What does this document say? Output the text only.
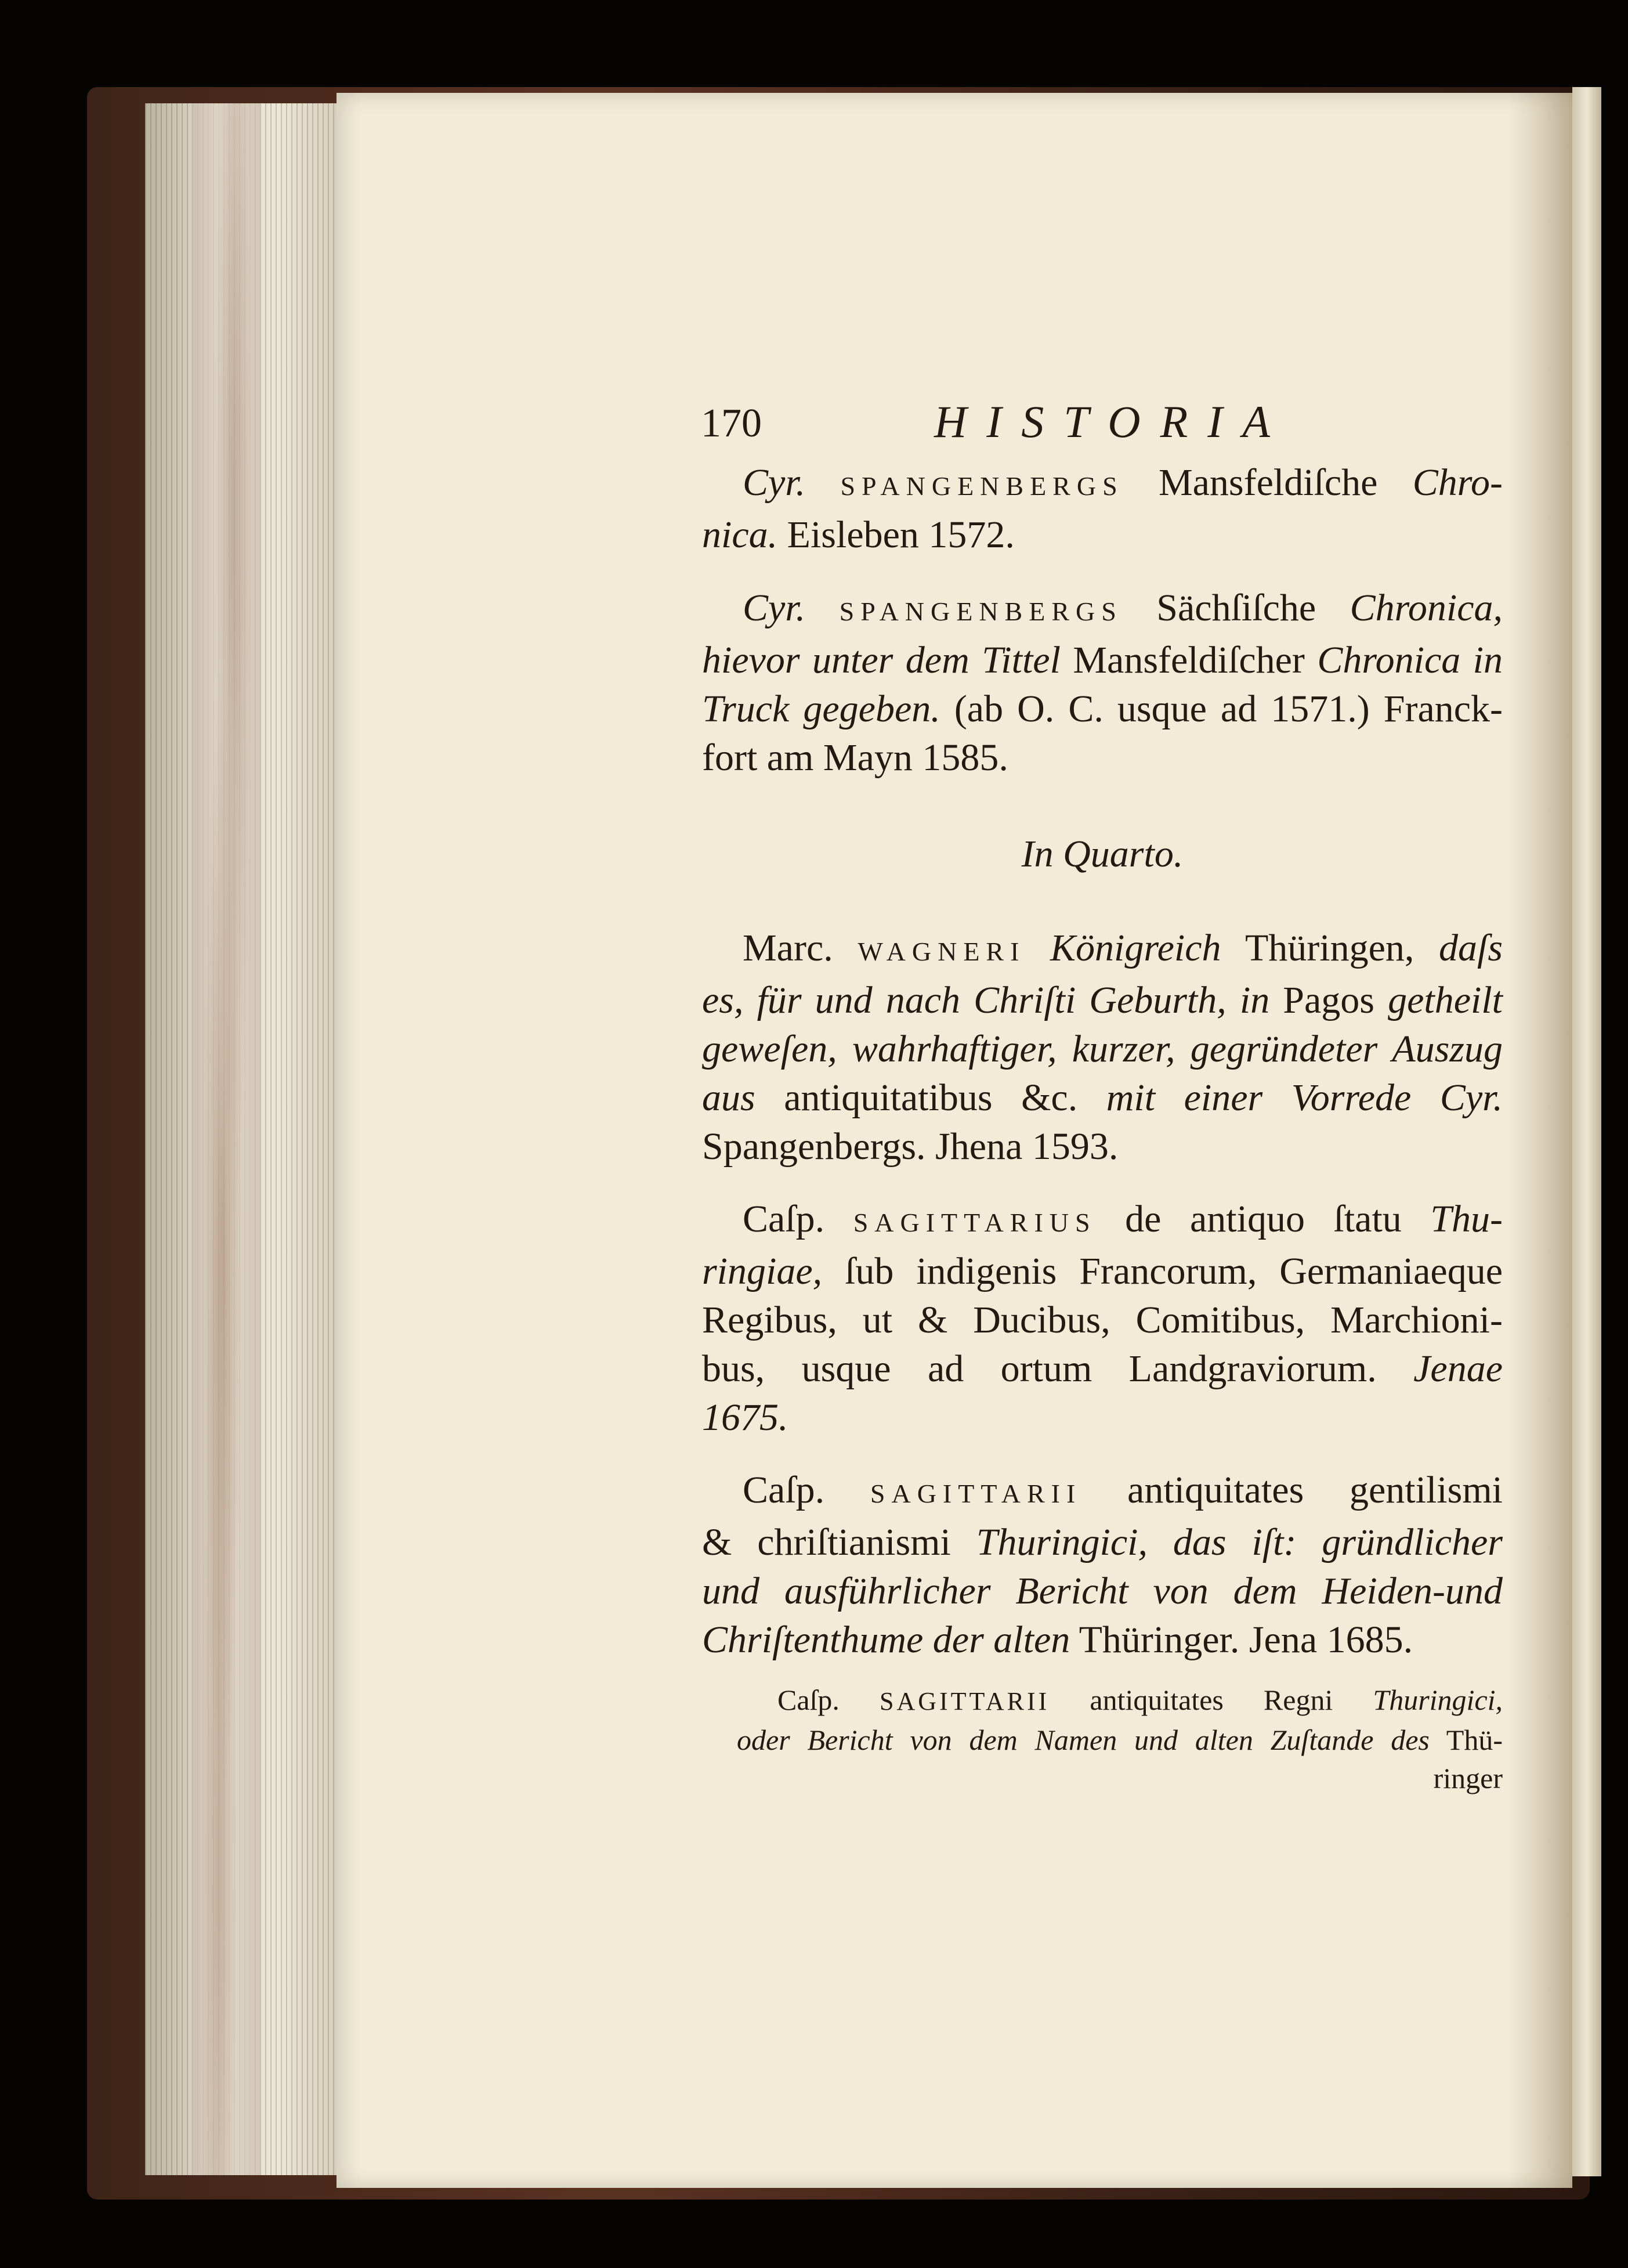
170	HISTORIA
Cyr. SPANGENBERGS Mansfeldiſche Chro-
nica. Eisleben 1572.
Cyr. SPANGENBERGS Sächſiſche Chronica,
hievor unter dem Tittel Mansfeldiſcher Chronica in
Truck gegeben. (ab O. C. usque ad 1571.) Franck-
fort am Mayn 1585.
In Quarto.
Marc. WAGNERI Königreich Thüringen, daſs
es, für und nach Chriſti Geburth, in Pagos getheilt
geweſen, wahrhaftiger, kurzer, gegründeter Auszug
aus antiquitatibus &c. mit einer Vorrede Cyr.
Spangenbergs. Jhena 1593.
Caſp. SAGITTARIUS de antiquo ſtatu Thu-
ringiae, ſub indigenis Francorum, Germaniaeque
Regibus, ut & Ducibus, Comitibus, Marchioni-
bus, usque ad ortum Landgraviorum. Jenae
1675.
Caſp. SAGITTARII antiquitates gentilismi
& chriſtianismi Thuringici, das iſt: gründlicher
und ausführlicher Bericht von dem Heiden-und
Chriſtenthume der alten Thüringer. Jena 1685.
Caſp. SAGITTARII antiquitates Regni Thuringici,
oder Bericht von dem Namen und alten Zuſtande des Thü-
ringer
